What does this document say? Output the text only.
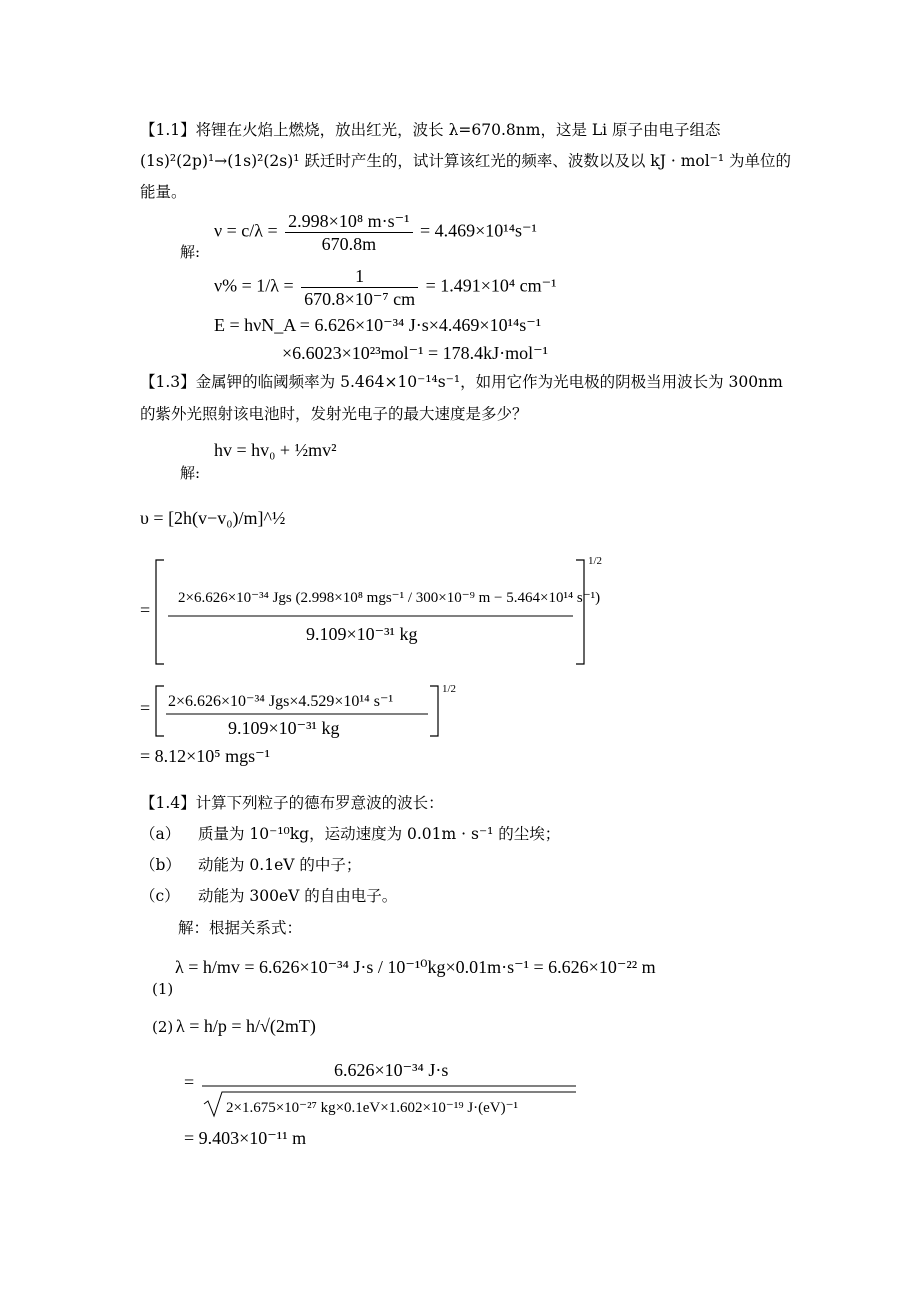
【1.1】将锂在火焰上燃烧，放出红光，波长 λ=670.8nm，这是 Li 原子由电子组态
(1s)²(2p)¹→(1s)²(2s)¹ 跃迁时产生的，试计算该红光的频率、波数以及以 kJ · mol⁻¹ 为单位的
能量。
解:
$\nu = c/\lambda = \frac{\text{2.998×10⁸ m·s⁻¹}}{670.8m} = 4.469\times 10^{14}s^{-1}$
$\nu\% = 1/\lambda = \frac{1}{\text{670.8×10⁻⁷ cm}} = 1.491\times 10^4$ cm⁻¹
E = hνN_A = 6.626×10⁻³⁴ J·s×4.469×10¹⁴s⁻¹
×6.6023×10²³mol⁻¹ = 178.4kJ·mol⁻¹
【1.3】金属钾的临阈频率为 5.464×10⁻¹⁴s⁻¹，如用它作为光电极的阴极当用波长为 300nm
的紫外光照射该电池时，发射光电子的最大速度是多少？
解:
hv = hv₀ + ½mv²
υ = [2h(v−v₀)/m]^½
=
2×6.626×10⁻³⁴ Jgs (2.998×10⁸ mgs⁻¹ / 300×10⁻⁹ m − 5.464×10¹⁴ s⁻¹)
9.109×10⁻³¹ kg
1/2
= 2×6.626×10⁻³⁴ Jgs×4.529×10¹⁴ s⁻¹
9.109×10⁻³¹ kg
1/2
= 8.12×10⁵ mgs⁻¹
【1.4】计算下列粒子的德布罗意波的波长：
（a） 质量为 10⁻¹⁰kg，运动速度为 0.01m · s⁻¹ 的尘埃；
（b） 动能为 0.1eV 的中子；
（c） 动能为 300eV 的自由电子。
解：根据关系式：
λ = h/mv = 6.626×10⁻³⁴ J·s / 10⁻¹⁰kg×0.01m·s⁻¹ = 6.626×10⁻²² m
(1)
(2) λ = h/p = h/√(2mT)
=
6.626×10⁻³⁴ J·s
2×1.675×10⁻²⁷ kg×0.1eV×1.602×10⁻¹⁹ J·(eV)⁻¹
= 9.403×10⁻¹¹ m
